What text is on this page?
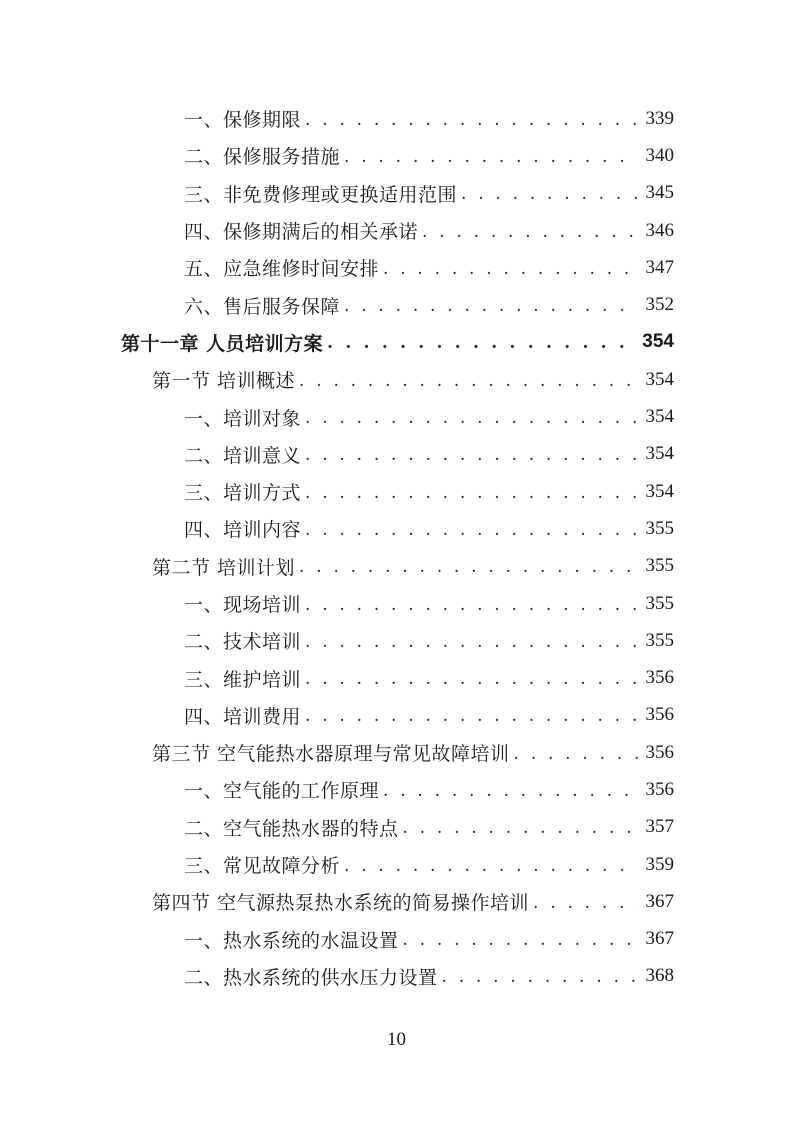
一、保修期限 . . .	339
二、保修服务措施 . . .	340
三、非免费修理或更换适用范围 . . .	345
四、保修期满后的相关承诺 . . .	346
五、应急维修时间安排 . . .	347
六、售后服务保障 . . .	352
第十一章 人员培训方案 . . .	354
第一节 培训概述 . . .	354
一、培训对象 . . .	354
二、培训意义 . . .	354
三、培训方式 . . .	354
四、培训内容 . . .	355
第二节 培训计划 . . .	355
一、现场培训 . . .	355
二、技术培训 . . .	355
三、维护培训 . . .	356
四、培训费用 . . .	356
第三节 空气能热水器原理与常见故障培训 . . .	356
一、空气能的工作原理 . . .	356
二、空气能热水器的特点 . . .	357
三、常见故障分析 . . .	359
第四节 空气源热泵热水系统的简易操作培训 . . .	367
一、热水系统的水温设置 . . .	367
二、热水系统的供水压力设置 . . .	368
10
